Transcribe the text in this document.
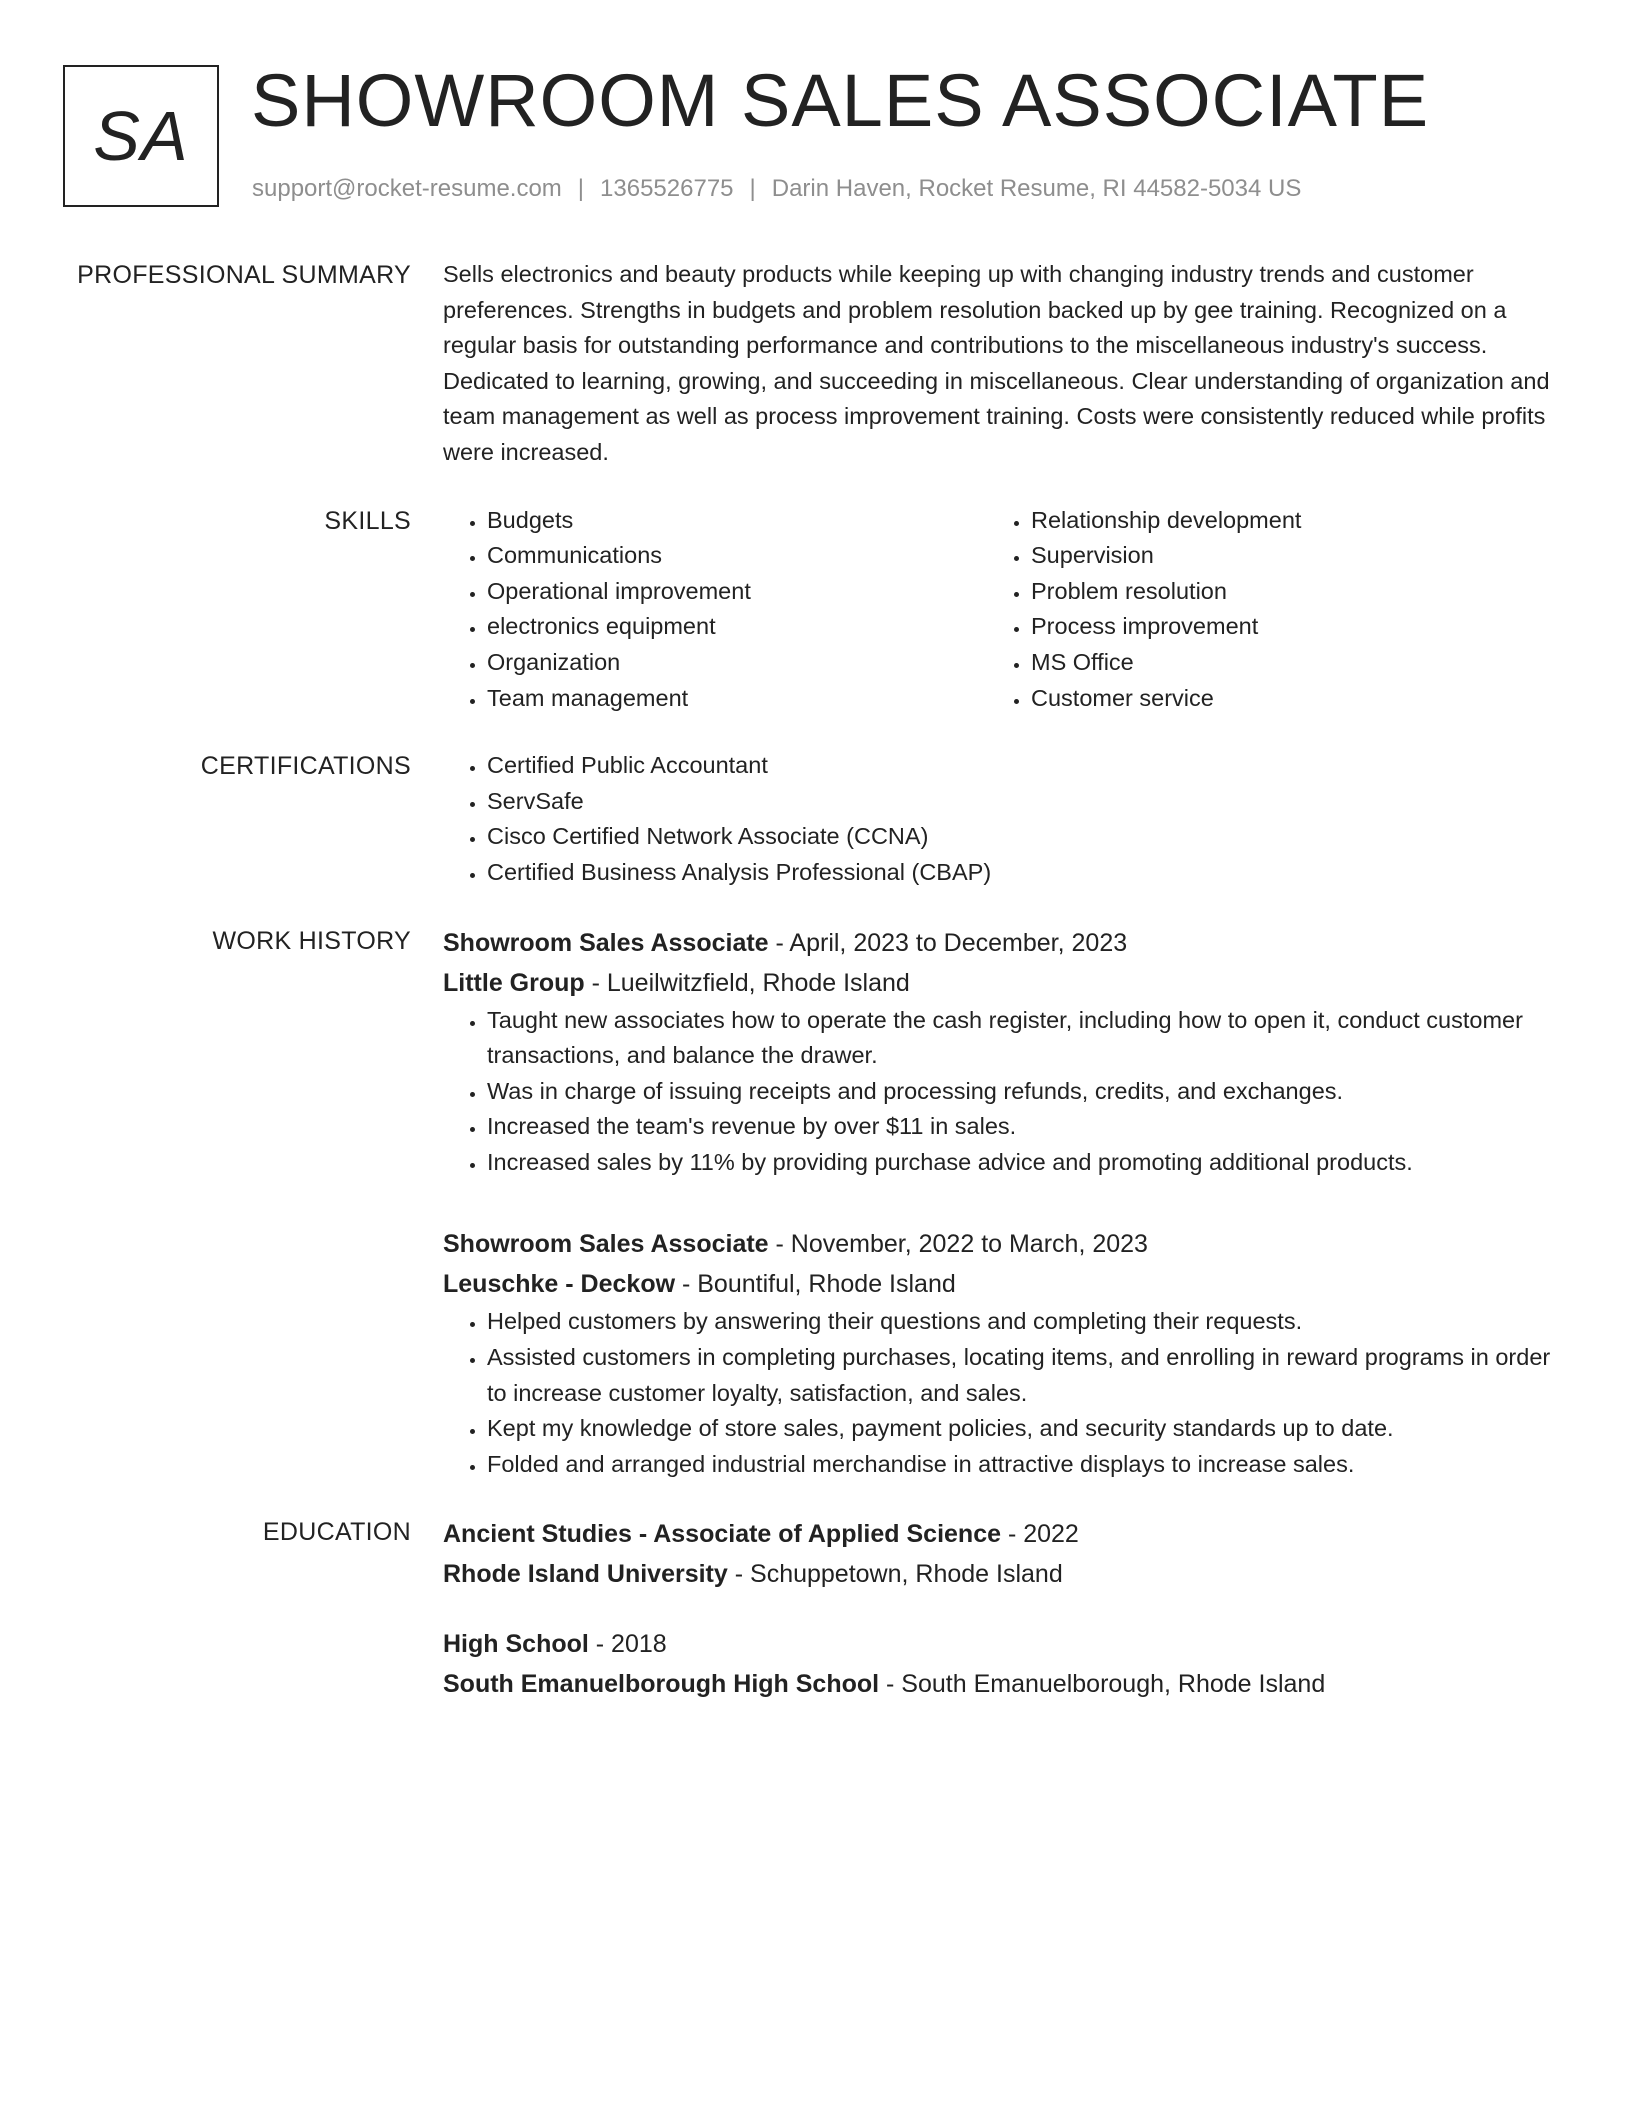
SA SHOWROOM SALES ASSOCIATE
support@rocket-resume.com | 1365526775 | Darin Haven, Rocket Resume, RI 44582-5034 US
PROFESSIONAL SUMMARY Sells electronics and beauty products while keeping up with changing industry trends and customer preferences. Strengths in budgets and problem resolution backed up by gee training. Recognized on a regular basis for outstanding performance and contributions to the miscellaneous industry's success. Dedicated to learning, growing, and succeeding in miscellaneous. Clear understanding of organization and team management as well as process improvement training. Costs were consistently reduced while profits were increased.

SKILLS	• Budgets
• Communications
• Operational improvement
• electronics equipment
• Organization
• Team management
• Relationship development
• Supervision
• Problem resolution
• Process improvement
• MS Office
• Customer service
CERTIFICATIONS	• Certified Public Accountant
• ServSafe
• Cisco Certified Network Associate (CCNA)
• Certified Business Analysis Professional (CBAP)
WORK HISTORY Showroom Sales Associate - April, 2023 to December, 2023

Little Group - Lueilwitzfield, Rhode Island

• Taught new associates how to operate the cash register, including how to open it, conduct customer transactions, and balance the drawer.
• Was in charge of issuing receipts and processing refunds, credits, and exchanges.
• Increased the team's revenue by over $11 in sales.
• Increased sales by 11% by providing purchase advice and promoting additional products.

Showroom Sales Associate - November, 2022 to March, 2023

Leuschke - Deckow - Bountiful, Rhode Island

• Helped customers by answering their questions and completing their requests.
• Assisted customers in completing purchases, locating items, and enrolling in reward programs in order to increase customer loyalty, satisfaction, and sales.
• Kept my knowledge of store sales, payment policies, and security standards up to date.
• Folded and arranged industrial merchandise in attractive displays to increase sales.
EDUCATION Ancient Studies - Associate of Applied Science - 2022

Rhode Island University - Schuppetown, Rhode Island

High School - 2018

South Emanuelborough High School - South Emanuelborough, Rhode Island
